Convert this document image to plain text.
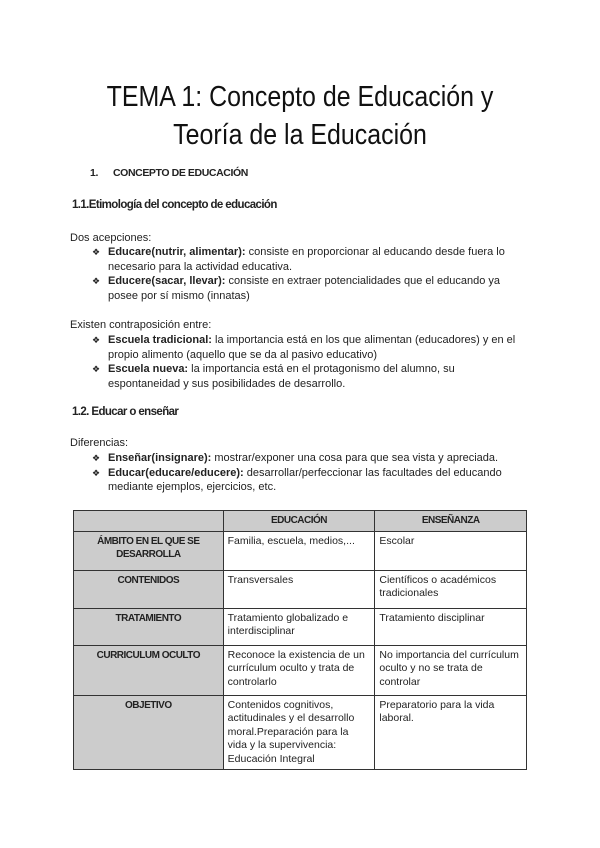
TEMA 1: Concepto de Educación y Teoría de la Educación
1. CONCEPTO DE EDUCACIÓN
1.1.Etimología del concepto de educación
Dos acepciones:
❖ Educare(nutrir, alimentar): consiste en proporcionar al educando desde fuera lo necesario para la actividad educativa.
❖ Educere(sacar, llevar): consiste en extraer potencialidades que el educando ya posee por sí mismo (innatas)
Existen contraposición entre:
❖ Escuela tradicional: la importancia está en los que alimentan (educadores) y en el propio alimento (aquello que se da al pasivo educativo)
❖ Escuela nueva: la importancia está en el protagonismo del alumno, su espontaneidad y sus posibilidades de desarrollo.
1.2. Educar o enseñar
Diferencias:
❖ Enseñar(insignare): mostrar/exponer una cosa para que sea vista y apreciada.
❖ Educar(educare/educere): desarrollar/perfeccionar las facultades del educando mediante ejemplos, ejercicios, etc.
	EDUCACIÓN	ENSEÑANZA
ÁMBITO EN EL QUE SE DESARROLLA	Familia, escuela, medios,...	Escolar
CONTENIDOS	Transversales	Científicos o académicos tradicionales
TRATAMIENTO	Tratamiento globalizado e interdisciplinar	Tratamiento disciplinar
CURRICULUM OCULTO	Reconoce la existencia de un currículum oculto y trata de controlarlo	No importancia del currículum oculto y no se trata de controlar
OBJETIVO	Contenidos cognitivos, actitudinales y el desarrollo moral.Preparación para la vida y la supervivencia: Educación Integral	Preparatorio para la vida laboral.
